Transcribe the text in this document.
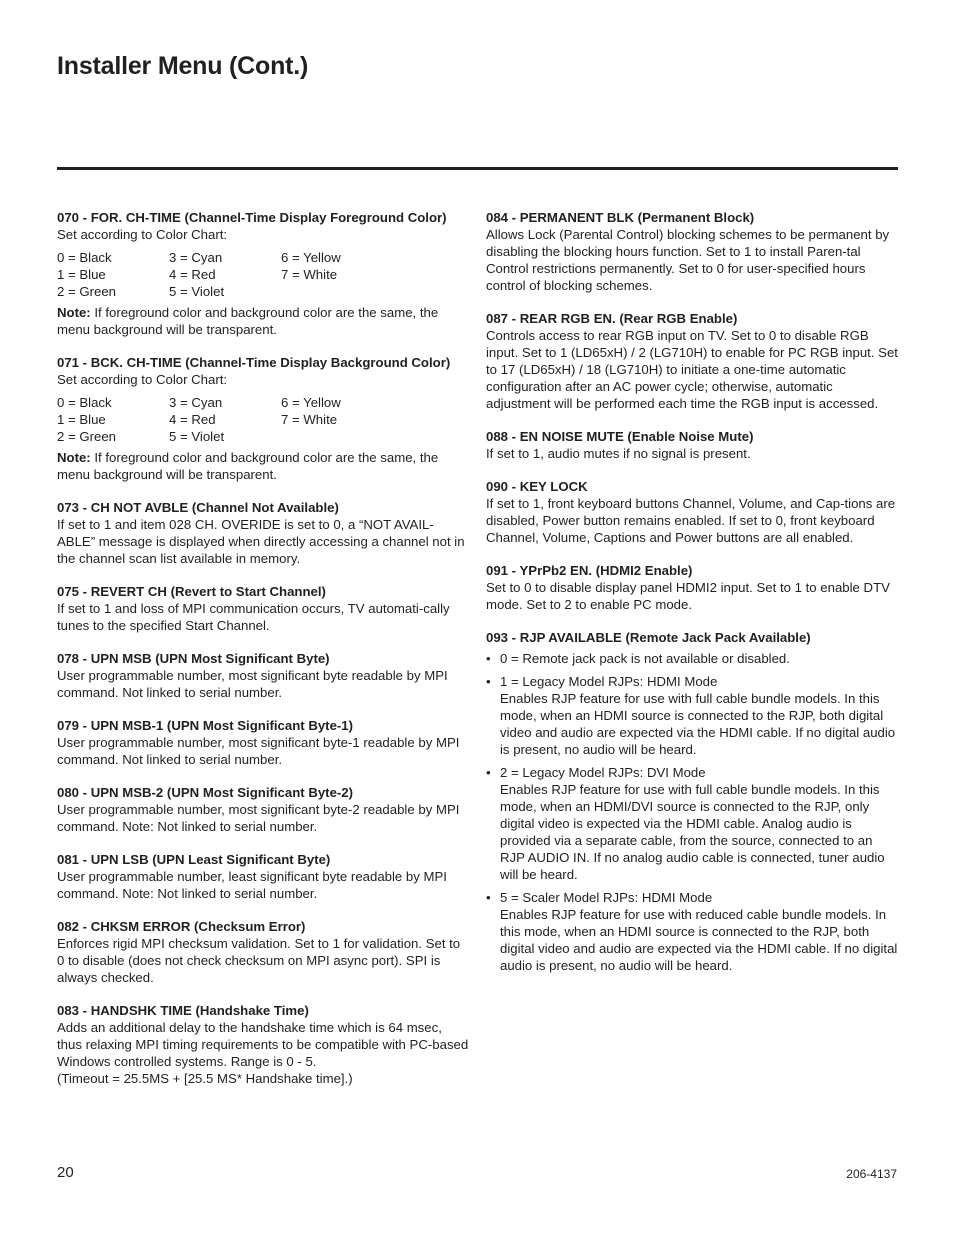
Installer Menu (Cont.)
070 - FOR. CH-TIME (Channel-Time Display Foreground Color)
Set according to Color Chart:
0 = Black	3 = Cyan	6 = Yellow
1 = Blue	4 = Red	7 = White
2 = Green	5 = Violet
Note: If foreground color and background color are the same, the menu background will be transparent.
071 - BCK. CH-TIME (Channel-Time Display Background Color)
Set according to Color Chart:
0 = Black	3 = Cyan	6 = Yellow
1 = Blue	4 = Red	7 = White
2 = Green	5 = Violet
Note: If foreground color and background color are the same, the menu background will be transparent.
073 - CH NOT AVBLE (Channel Not Available)
If set to 1 and item 028 CH. OVERIDE is set to 0, a “NOT AVAIL-ABLE” message is displayed when directly accessing a channel not in the channel scan list available in memory.
075 - REVERT CH (Revert to Start Channel)
If set to 1 and loss of MPI communication occurs, TV automati-cally tunes to the specified Start Channel.
078 - UPN MSB (UPN Most Significant Byte)
User programmable number, most significant byte readable by MPI command. Not linked to serial number.
079 - UPN MSB-1 (UPN Most Significant Byte-1)
User programmable number, most significant byte-1 readable by MPI command. Not linked to serial number.
080 - UPN MSB-2 (UPN Most Significant Byte-2)
User programmable number, most significant byte-2 readable by MPI command. Note: Not linked to serial number.
081 - UPN LSB (UPN Least Significant Byte)
User programmable number, least significant byte readable by MPI command. Note: Not linked to serial number.
082 - CHKSM ERROR (Checksum Error)
Enforces rigid MPI checksum validation. Set to 1 for validation. Set to 0 to disable (does not check checksum on MPI async port). SPI is always checked.
083 - HANDSHK TIME (Handshake Time)
Adds an additional delay to the handshake time which is 64 msec, thus relaxing MPI timing requirements to be compatible with PC-based Windows controlled systems. Range is 0 - 5.
(Timeout = 25.5MS + [25.5 MS* Handshake time].)
084 - PERMANENT BLK (Permanent Block)
Allows Lock (Parental Control) blocking schemes to be permanent by disabling the blocking hours function. Set to 1 to install Paren-tal Control restrictions permanently. Set to 0 for user-specified hours control of blocking schemes.
087 - REAR RGB EN. (Rear RGB Enable)
Controls access to rear RGB input on TV. Set to 0 to disable RGB input. Set to 1 (LD65xH) / 2 (LG710H) to enable for PC RGB input. Set to 17 (LD65xH) / 18 (LG710H) to initiate a one-time automatic configuration after an AC power cycle; otherwise, automatic adjustment will be performed each time the RGB input is accessed.
088 - EN NOISE MUTE (Enable Noise Mute)
If set to 1, audio mutes if no signal is present.
090 - KEY LOCK
If set to 1, front keyboard buttons Channel, Volume, and Cap-tions are disabled, Power button remains enabled. If set to 0, front keyboard Channel, Volume, Captions and Power buttons are all enabled.
091 - YPrPb2 EN. (HDMI2 Enable)
Set to 0 to disable display panel HDMI2 input. Set to 1 to enable DTV mode. Set to 2 to enable PC mode.
093 - RJP AVAILABLE (Remote Jack Pack Available)
• 0 = Remote jack pack is not available or disabled.
• 1 = Legacy Model RJPs: HDMI Mode
Enables RJP feature for use with full cable bundle models. In this mode, when an HDMI source is connected to the RJP, both digital video and audio are expected via the HDMI cable. If no digital audio is present, no audio will be heard.
• 2 = Legacy Model RJPs: DVI Mode
Enables RJP feature for use with full cable bundle models. In this mode, when an HDMI/DVI source is connected to the RJP, only digital video is expected via the HDMI cable. Analog audio is provided via a separate cable, from the source, connected to an RJP AUDIO IN. If no analog audio cable is connected, tuner audio will be heard.
• 5 = Scaler Model RJPs: HDMI Mode
Enables RJP feature for use with reduced cable bundle models. In this mode, when an HDMI source is connected to the RJP, both digital video and audio are expected via the HDMI cable. If no digital audio is present, no audio will be heard.
20	206-4137
